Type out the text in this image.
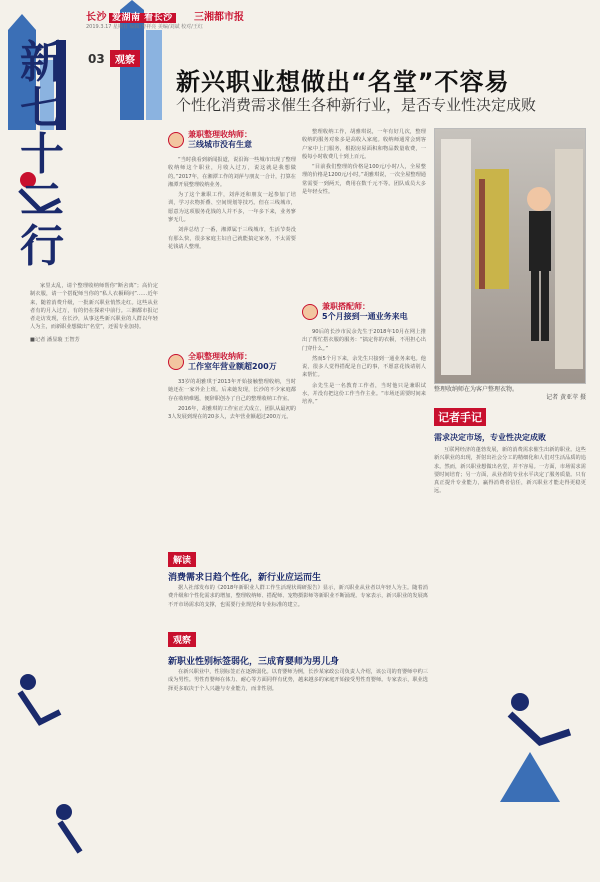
新七十二行
长沙 爱湖南 看长沙	三湘都市报
2019.3.17 星期日 编辑/曾祥亮 美编/刘斌 校对/王红
03	观察
新兴职业想做出“名堂”不容易
个性化消费需求催生各种新行业，是否专业性决定成败

家里太乱，请个整理收纳师帮你“断舍离”；高价定制衣服，请一个搭配师当你的“私人衣橱顾问”……近年来，随着消费升级，一批新兴职业悄然走红。这些从业者有的月入过万，有的仍在探索中前行。三湘都市报记者走访发现，在长沙，从事这些新兴职业的人群以年轻人为主，而新职业想做出“名堂”，还需专业加持。

■记者 潘显璇 王智芳

兼职整理收纳师：
三线城市没有生意

“当时我看到新闻报道，说沿海一些城市出现了整理收纳师这个职业，月收入过万，说这就是我想做的。”2017年，在湘潭工作的刘萍与朋友一合计，打算在湘潭开展整理收纳业务。

为了这个兼职工作，刘萍还和朋友一起参加了培训，学习衣物折叠、空间规划等技巧。但在三线城市，愿意为这项服务花钱的人并不多，一年多下来，业务寥寥无几。

刘萍总结了一番，湘潭属于三线城市，生活节奏没有那么快，很多家庭主妇自己就能搞定家务，不太需要花钱请人整理。

全职整理收纳师：
工作室年营业额超200万

33岁的胡雅琪于2013年开始接触整理收纳，当时她还在一家外企上班。后来她发现，长沙的不少家庭都存在收纳难题，便辞职创办了自己的整理收纳工作室。

2016年，胡雅琪的工作室正式成立，团队从最初的3人发展到现在的20多人，去年营业额超过200万元。

整理收纳工作，胡雅琪说，一年有好几次，整理收纳的服务对象多是高收入家庭。收纳师通常会到客户家中上门服务，根据房屋面积和物品数量收费，一般每小时收费几十到上百元。

“目前我们整理的价格是100元/小时/人，全屋整理的价格是1200元/小时。”胡雅琪说，一次全屋整理通常需要一到两天，费用在数千元不等。团队成员大多是年轻女性。

兼职搭配师：
5个月接到一通业务来电

90后的长沙市民余先生于2018年10月在网上推出了帮忙搭衣服的服务：“搞定你的衣橱，不用担心出门穿什么。”

然而5个月下来，余先生只接到一通业务来电。他说，很多人觉得搭配是自己的事，不愿意花钱请别人来帮忙。

余先生是一名教育工作者，当时他只是兼职试水，并没有把这份工作当作主业。“市场还需要时间来培养。”

整理收纳师在为客户整理衣物。
记者 黄亚苹 摄
记者手记
需求决定市场，专业性决定成败

互联网经济的蓬勃发展，新的消费需求催生出新的职业。这些新兴职业的出现，折射出社会分工的精细化和人们对生活品质的追求。然而，新兴职业想做出名堂，并不容易。一方面，市场需求需要时间培育；另一方面，从业者的专业水平决定了服务质量。只有真正提升专业能力，赢得消费者信任，新兴职业才能走得更稳更远。

解读
消费需求日趋个性化，新行业应运而生

据人社部发布的《2018年新职业人群工作生活现状调研报告》显示，新兴职业从业者以年轻人为主。随着消费升级和个性化需求的增加，整理收纳师、搭配师、宠物摄影师等新职业不断涌现。专家表示，新兴职业的发展离不开市场需求的支撑，也需要行业规范和专业标准的建立。

观察
新职业性别标签弱化，三成育婴师为男儿身

在新兴职业中，性别标签正在逐渐弱化。以育婴师为例，长沙某家政公司负责人介绍，该公司的育婴师中约三成为男性。男性育婴师在体力、耐心等方面同样有优势，越来越多的家庭开始接受男性育婴师。专家表示，职业选择更多取决于个人兴趣与专业能力，而非性别。
